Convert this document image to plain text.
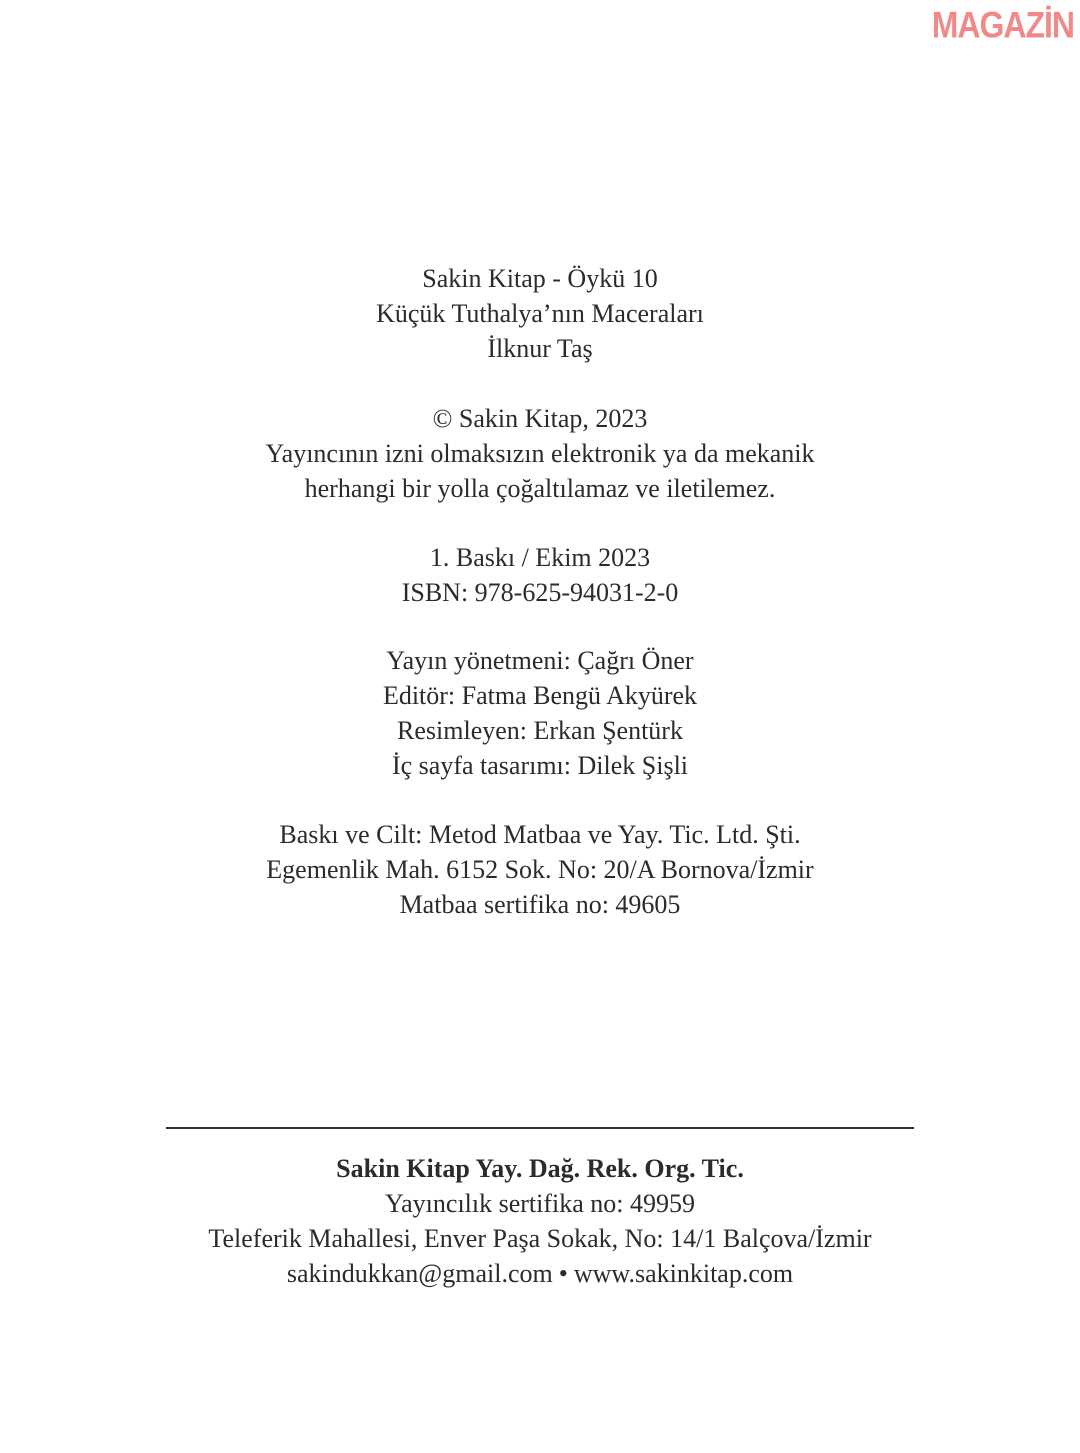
MAGAZİN
Sakin Kitap - Öykü 10
Küçük Tuthalya’nın Maceraları
İlknur Taş
© Sakin Kitap, 2023
Yayıncının izni olmaksızın elektronik ya da mekanik
herhangi bir yolla çoğaltılamaz ve iletilemez.
1. Baskı / Ekim 2023
ISBN: 978-625-94031-2-0
Yayın yönetmeni: Çağrı Öner
Editör: Fatma Bengü Akyürek
Resimleyen: Erkan Şentürk
İç sayfa tasarımı: Dilek Şişli
Baskı ve Cilt: Metod Matbaa ve Yay. Tic. Ltd. Şti.
Egemenlik Mah. 6152 Sok. No: 20/A Bornova/İzmir
Matbaa sertifika no: 49605
Sakin Kitap Yay. Dağ. Rek. Org. Tic.
Yayıncılık sertifika no: 49959
Teleferik Mahallesi, Enver Paşa Sokak, No: 14/1 Balçova/İzmir
sakindukkan@gmail.com • www.sakinkitap.com
